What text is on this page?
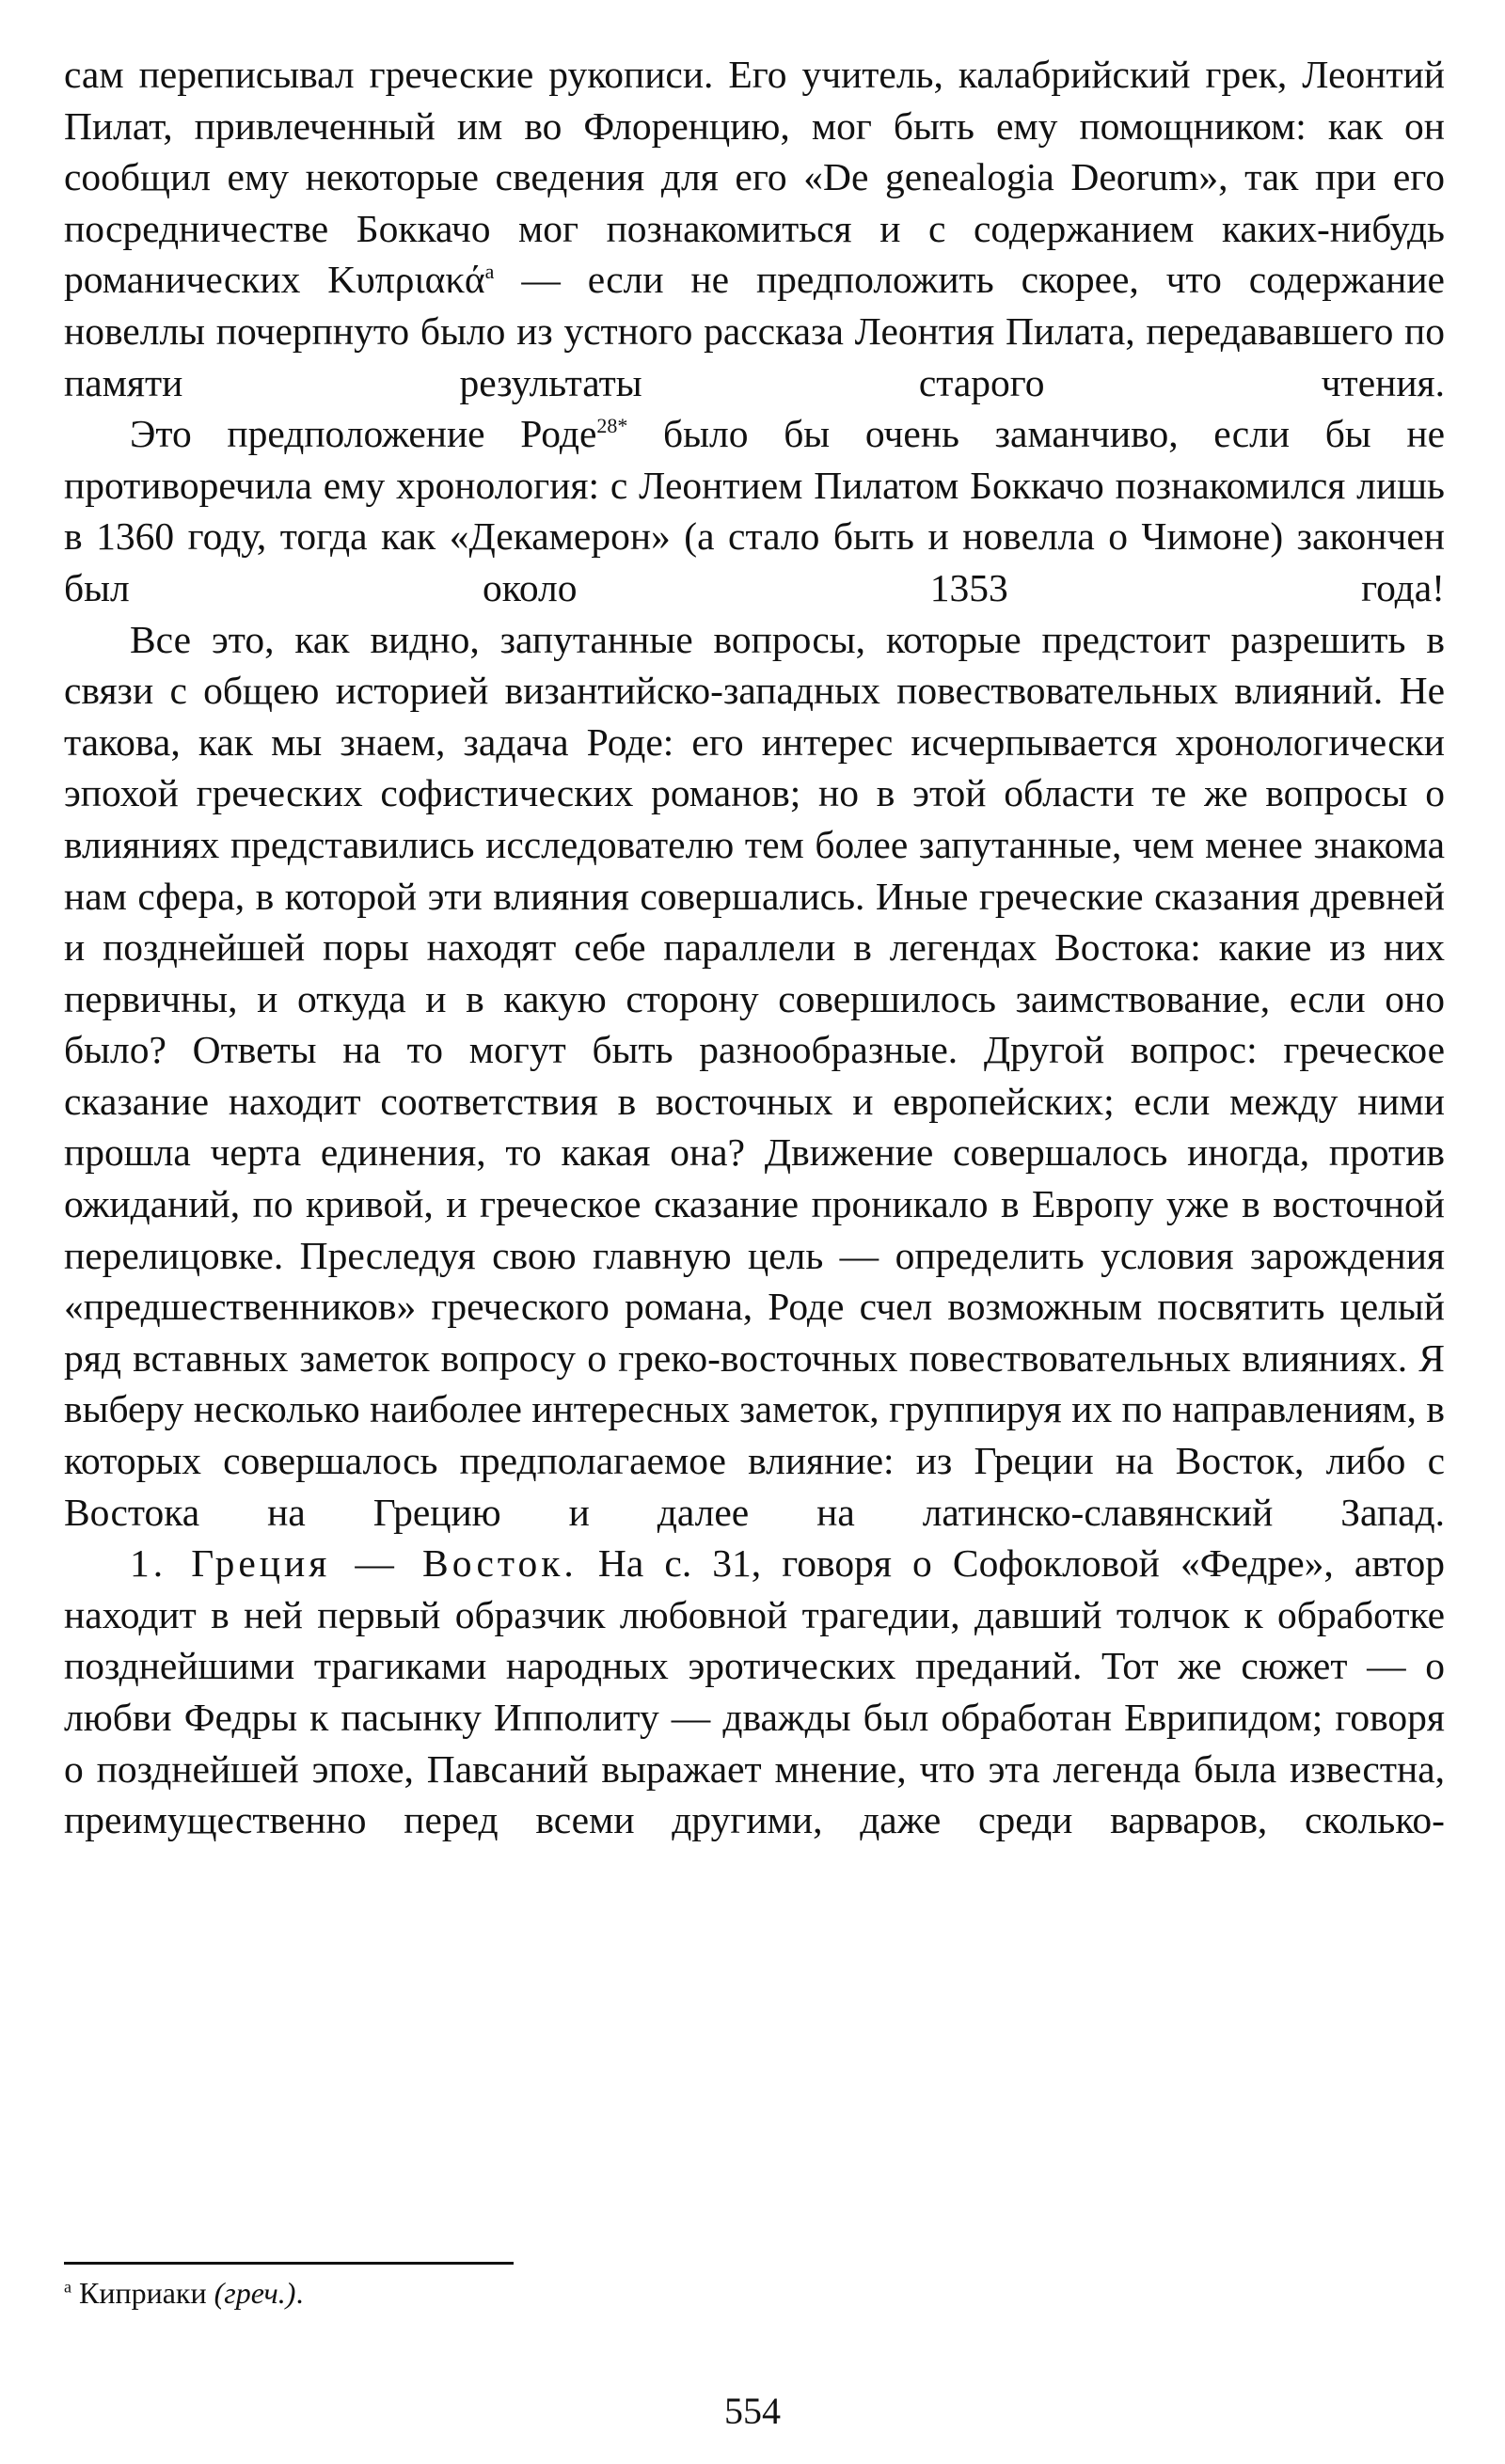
сам переписывал греческие рукописи. Его учитель, калабрийский грек, Леонтий Пилат, привлеченный им во Флоренцию, мог быть ему помощником: как он сообщил ему некоторые сведения для его «De genealogia Deorum», так при его посредничестве Боккачо мог познакомиться и с содержанием каких-нибудь романических Κυπριακά$^a$ — если не предположить скорее, что содержание новеллы почерпнуто было из устного рассказа Леонтия Пилата, передававшего по памяти результаты старого чтения.

Это предположение Роде$^{28*}$ было бы очень заманчиво, если бы не противоречила ему хронология: с Леонтием Пилатом Боккачо познакомился лишь в 1360 году, тогда как «Декамерон» (а стало быть и новелла о Чимоне) закончен был около 1353 года!

Все это, как видно, запутанные вопросы, которые предстоит разрешить в связи с общею историей византийско-западных повествовательных влияний. Не такова, как мы знаем, задача Роде: его интерес исчерпывается хронологически эпохой греческих софистических романов; но в этой области те же вопросы о влияниях представились исследователю тем более запутанные, чем менее знакома нам сфера, в которой эти влияния совершались. Иные греческие сказания древней и позднейшей поры находят себе параллели в легендах Востока: какие из них первичны, и откуда и в какую сторону совершилось заимствование, если оно было? Ответы на то могут быть разнообразные. Другой вопрос: греческое сказание находит соответствия в восточных и европейских; если между ними прошла черта единения, то какая она? Движение совершалось иногда, против ожиданий, по кривой, и греческое сказание проникало в Европу уже в восточной перелицовке. Преследуя свою главную цель — определить условия зарождения «предшественников» греческого романа, Роде счел возможным посвятить целый ряд вставных заметок вопросу о греко-восточных повествовательных влияниях. Я выберу несколько наиболее интересных заметок, группируя их по направлениям, в которых совершалось предполагаемое влияние: из Греции на Восток, либо с Востока на Грецию и далее на латинско-славянский Запад.

1. Греция — Восток. На с. 31, говоря о Софокловой «Федре», автор находит в ней первый образчик любовной трагедии, давший толчок к обработке позднейшими трагиками народных эротических преданий. Тот же сюжет — о любви Федры к пасынку Ипполиту — дважды был обработан Еврипидом; говоря о позднейшей эпохе, Павсаний выражает мнение, что эта легенда была известна, преимущественно перед всеми другими, даже среди варваров, сколько-

$^а$ Киприаки (греч.).
554
